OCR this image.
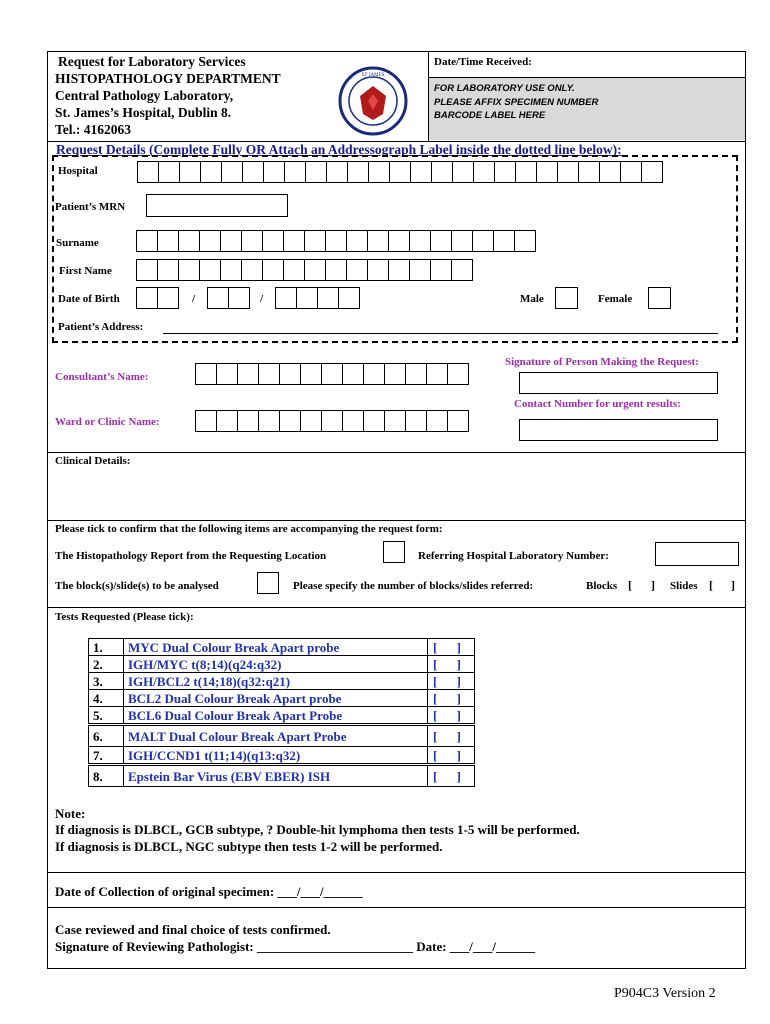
Request for Laboratory Services
HISTOPATHOLOGY DEPARTMENT
Central Pathology Laboratory,
St. James’s Hospital, Dublin 8.
Tel.: 4162063
ST JAMES
Date/Time Received:
FOR LABORATORY USE ONLY.
PLEASE AFFIX SPECIMEN NUMBER
BARCODE LABEL HERE
Request Details (Complete Fully OR Attach an Addressograph Label inside the dotted line below):
Hospital
Patient’s MRN
Surname
First Name
Date of Birth	/	/	Male	Female
Patient’s Address:
Signature of Person Making the Request:
Consultant’s Name:
Contact Number for urgent results:
Ward or Clinic Name:
Clinical Details:
Please tick to confirm that the following items are accompanying the request form:
The Histopathology Report from the Requesting Location	Referring Hospital Laboratory Number:
The block(s)/slide(s) to be analysed	Please specify the number of blocks/slides referred:	Blocks [ ] Slides [ ]
Tests Requested (Please tick):
1.	MYC Dual Colour Break Apart probe	[ ]
2.	IGH/MYC t(8;14)(q24:q32)	[ ]
3.	IGH/BCL2 t(14;18)(q32:q21)	[ ]
4.	BCL2 Dual Colour Break Apart probe	[ ]
5.	BCL6 Dual Colour Break Apart Probe	[ ]
6.	MALT Dual Colour Break Apart Probe	[ ]
7.	IGH/CCND1 t(11;14)(q13:q32)	[ ]
8.	Epstein Bar Virus (EBV EBER) ISH	[ ]
Note:
If diagnosis is DLBCL, GCB subtype, ? Double-hit lymphoma then tests 1-5 will be performed.
If diagnosis is DLBCL, NGC subtype then tests 1-2 will be performed.
Date of Collection of original specimen: ___/___/______
Case reviewed and final choice of tests confirmed.
Signature of Reviewing Pathologist: ________________________ Date: ___/___/______
P904C3 Version 2
